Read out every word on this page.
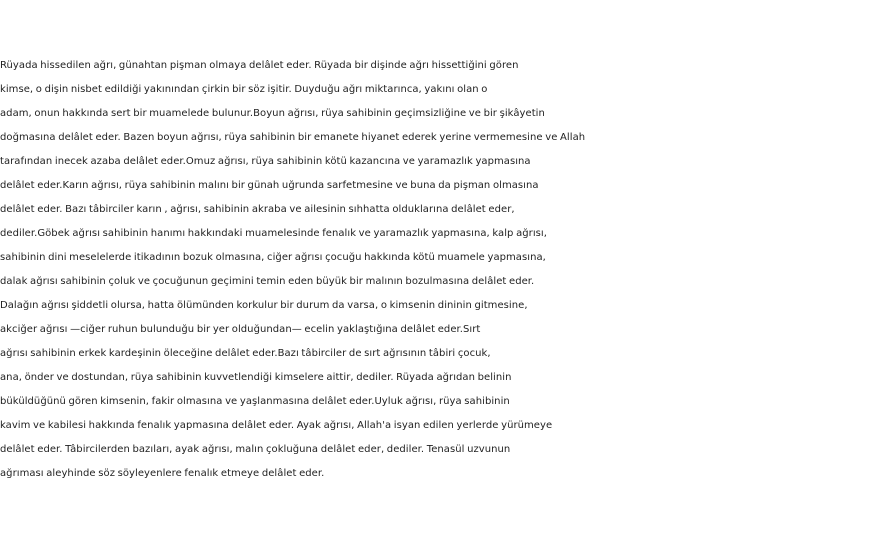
Rüyada hissedilen ağrı, günahtan pişman olmaya delâlet eder. Rüyada bir dişinde ağrı hissettiğini gören
kimse, o dişin nisbet edildiği yakınından çirkin bir söz işitir. Duyduğu ağrı miktarınca, yakını olan o
adam, onun hakkında sert bir muamelede bulunur.Boyun ağrısı, rüya sahibinin geçimsizliğine ve bir şikâyetin
doğmasına delâlet eder. Bazen boyun ağrısı, rüya sahibinin bir emanete hiyanet ederek yerine vermemesine ve Allah
tarafından inecek azaba delâlet eder.Omuz ağrısı, rüya sahibinin kötü kazancına ve yaramazlık yapmasına
delâlet eder.Karın ağrısı, rüya sahibinin malını bir günah uğrunda sarfetmesine ve buna da pişman olmasına
delâlet eder. Bazı tâbirciler karın , ağrısı, sahibinin akraba ve ailesinin sıhhatta olduklarına delâlet eder,
dediler.Göbek ağrısı sahibinin hanımı hakkındaki muamelesinde fenalık ve yaramazlık yapmasına, kalp ağrısı,
sahibinin dini meselelerde itikadının bozuk olmasına, ciğer ağrısı çocuğu hakkında kötü muamele yapmasına,
dalak ağrısı sahibinin çoluk ve çocuğunun geçimini temin eden büyük bir malının bozulmasına delâlet eder.
Dalağın ağrısı şiddetli olursa, hatta ölümünden korkulur bir durum da varsa, o kimsenin dininin gitmesine,
akciğer ağrısı —ciğer ruhun bulunduğu bir yer olduğundan— ecelin yaklaştığına delâlet eder.Sırt
ağrısı sahibinin erkek kardeşinin öleceğine delâlet eder.Bazı tâbirciler de sırt ağrısının tâbiri çocuk,
ana, önder ve dostundan, rüya sahibinin kuvvetlendiği kimselere aittir, dediler. Rüyada ağrıdan belinin
büküldüğünü gören kimsenin, fakir olmasına ve yaşlanmasına delâlet eder.Uyluk ağrısı, rüya sahibinin
kavim ve kabilesi hakkında fenalık yapmasına delâlet eder. Ayak ağrısı, Allah'a isyan edilen yerlerde yürümeye
delâlet eder. Tâbircilerden bazıları, ayak ağrısı, malın çokluğuna delâlet eder, dediler. Tenasül uzvunun
ağrıması aleyhinde söz söyleyenlere fenalık etmeye delâlet eder.
